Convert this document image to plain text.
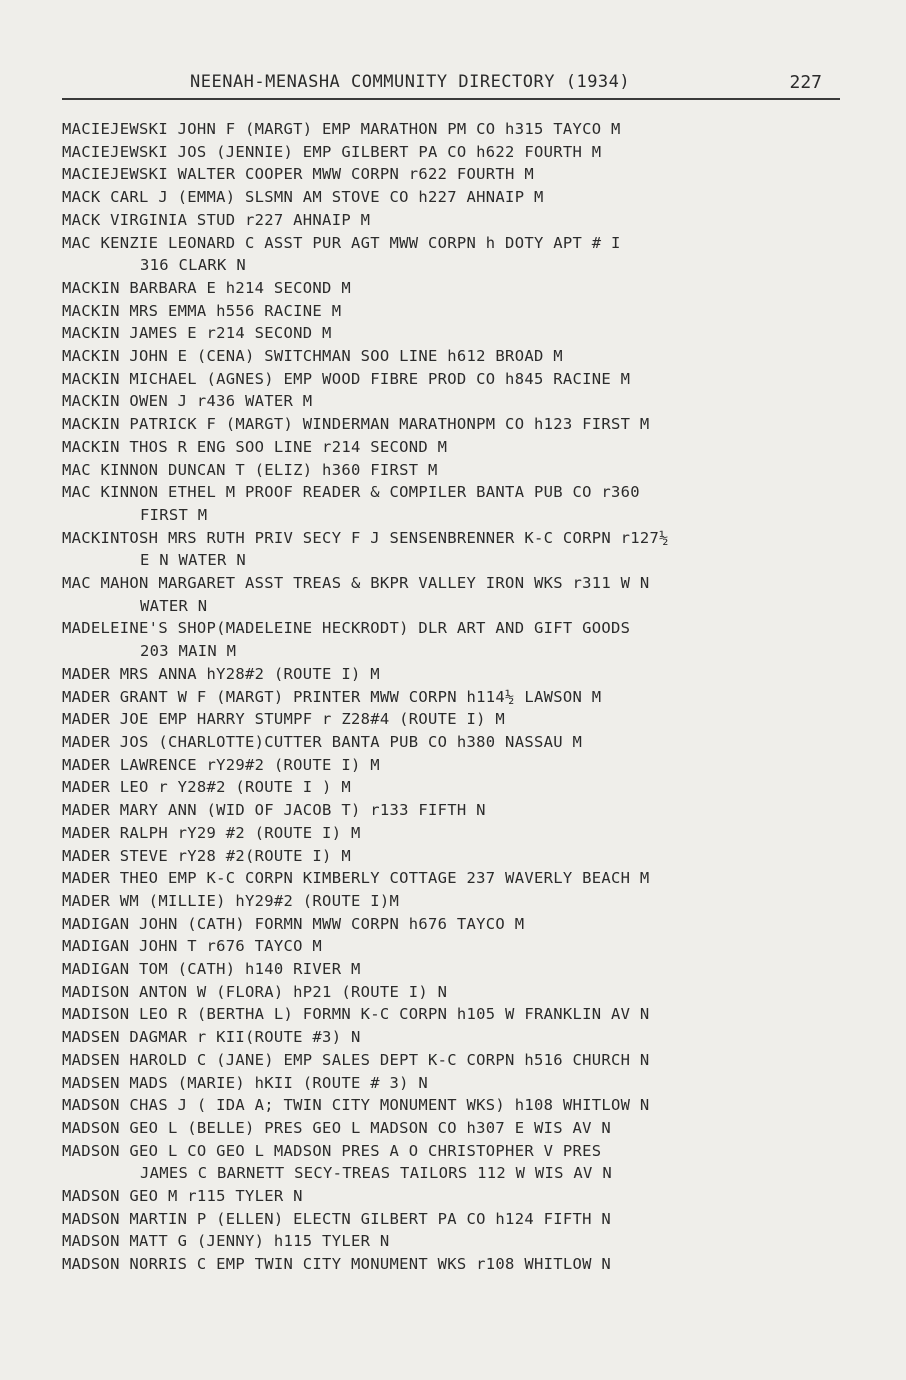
NEENAH-MENASHA COMMUNITY DIRECTORY (1934)	227
MACIEJEWSKI JOHN F (MARGT) EMP MARATHON PM CO h315 TAYCO M
MACIEJEWSKI JOS (JENNIE) EMP GILBERT PA CO h622 FOURTH M
MACIEJEWSKI WALTER COOPER MWW CORPN r622 FOURTH M
MACK CARL J (EMMA) SLSMN AM STOVE CO h227 AHNAIP M
MACK VIRGINIA STUD r227 AHNAIP M
MAC KENZIE LEONARD C ASST PUR AGT MWW CORPN h DOTY APT # I
316 CLARK N
MACKIN BARBARA E h214 SECOND M
MACKIN MRS EMMA h556 RACINE M
MACKIN JAMES E r214 SECOND M
MACKIN JOHN E (CENA) SWITCHMAN SOO LINE h612 BROAD M
MACKIN MICHAEL (AGNES) EMP WOOD FIBRE PROD CO h845 RACINE M
MACKIN OWEN J r436 WATER M
MACKIN PATRICK F (MARGT) WINDERMAN MARATHONPM CO h123 FIRST M
MACKIN THOS R ENG SOO LINE r214 SECOND M
MAC KINNON DUNCAN T (ELIZ) h360 FIRST M
MAC KINNON ETHEL M PROOF READER & COMPILER BANTA PUB CO r360
FIRST M
MACKINTOSH MRS RUTH PRIV SECY F J SENSENBRENNER K-C CORPN r127½
E N WATER N
MAC MAHON MARGARET ASST TREAS & BKPR VALLEY IRON WKS r311 W N
WATER N
MADELEINE'S SHOP(MADELEINE HECKRODT) DLR ART AND GIFT GOODS
203 MAIN M
MADER MRS ANNA hY28#2 (ROUTE I) M
MADER GRANT W F (MARGT) PRINTER MWW CORPN h114½ LAWSON M
MADER JOE EMP HARRY STUMPF r Z28#4 (ROUTE I) M
MADER JOS (CHARLOTTE)CUTTER BANTA PUB CO h380 NASSAU M
MADER LAWRENCE rY29#2 (ROUTE I) M
MADER LEO r Y28#2 (ROUTE I ) M
MADER MARY ANN (WID OF JACOB T) r133 FIFTH N
MADER RALPH rY29 #2 (ROUTE I) M
MADER STEVE rY28 #2(ROUTE I) M
MADER THEO EMP K-C CORPN KIMBERLY COTTAGE 237 WAVERLY BEACH M
MADER WM (MILLIE) hY29#2 (ROUTE I)M
MADIGAN JOHN (CATH) FORMN MWW CORPN h676 TAYCO M
MADIGAN JOHN T r676 TAYCO M
MADIGAN TOM (CATH) h140 RIVER M
MADISON ANTON W (FLORA) hP21 (ROUTE I) N
MADISON LEO R (BERTHA L) FORMN K-C CORPN h105 W FRANKLIN AV N
MADSEN DAGMAR r KII(ROUTE #3) N
MADSEN HAROLD C (JANE) EMP SALES DEPT K-C CORPN h516 CHURCH N
MADSEN MADS (MARIE) hKII (ROUTE # 3) N
MADSON CHAS J ( IDA A; TWIN CITY MONUMENT WKS) h108 WHITLOW N
MADSON GEO L (BELLE) PRES GEO L MADSON CO h307 E WIS AV N
MADSON GEO L CO GEO L MADSON PRES A O CHRISTOPHER V PRES
JAMES C BARNETT SECY-TREAS TAILORS 112 W WIS AV N
MADSON GEO M r115 TYLER N
MADSON MARTIN P (ELLEN) ELECTN GILBERT PA CO h124 FIFTH N
MADSON MATT G (JENNY) h115 TYLER N
MADSON NORRIS C EMP TWIN CITY MONUMENT WKS r108 WHITLOW N
